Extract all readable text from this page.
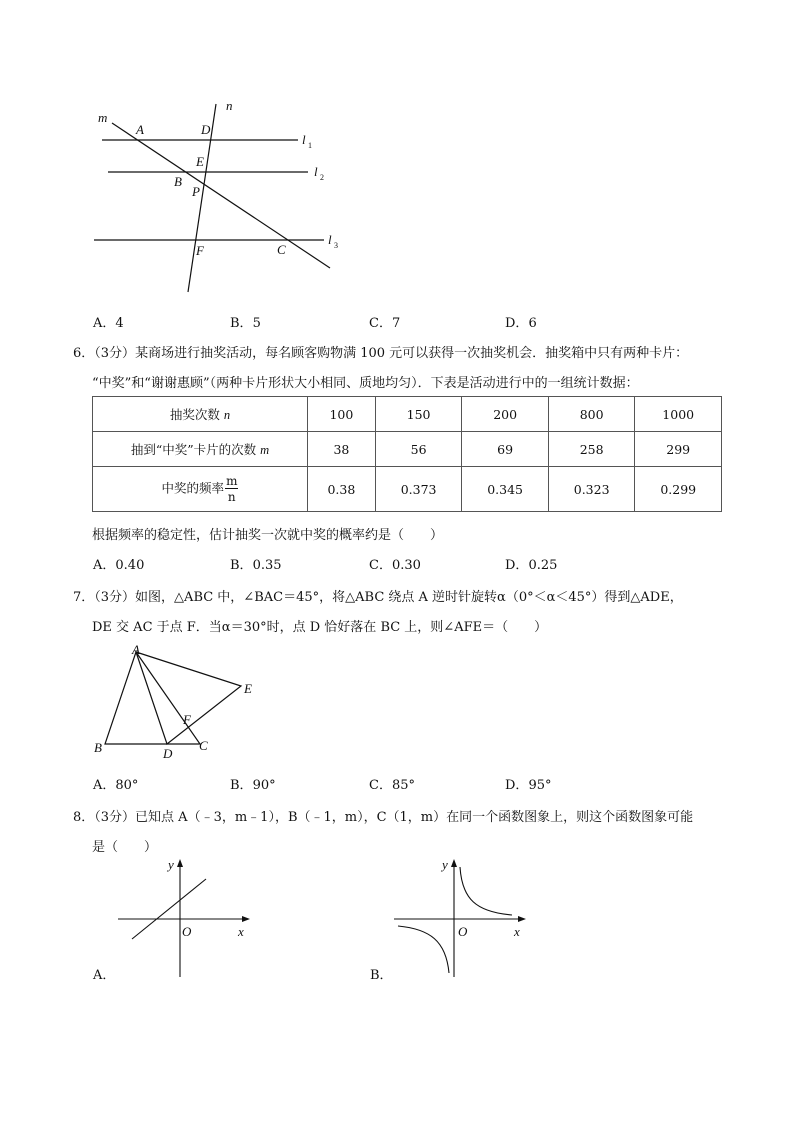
m
n
A	D
l 1
E
l 2
B
P
F	C
l 3
A．4	B．5	C．7	D．6
6．（3分）某商场进行抽奖活动，每名顾客购物满 100 元可以获得一次抽奖机会．抽奖箱中只有两种卡片：
“中奖”和“谢谢惠顾”（两种卡片形状大小相同、质地均匀）．下表是活动进行中的一组统计数据：
抽奖次数 n	100	150	200	800	1000
抽到“中奖”卡片的次数 m	38	56	69	258	299
中奖的频率 $\frac{m}{n}$	0.38	0.373	0.345	0.323	0.299
根据频率的稳定性，估计抽奖一次就中奖的概率约是（　　）
A．0.40	B．0.35	C．0.30	D．0.25
7．（3分）如图，△ABC 中，∠BAC＝45°，将△ABC 绕点 A 逆时针旋转α（0°＜α＜45°）得到△ADE，
DE 交 AC 于点 F．当α＝30°时，点 D 恰好落在 BC 上，则∠AFE＝（　　）
A
E
F
B	D
C
A．80°	B．90°	C．85°	D．95°
8．（3分）已知点 A（﹣3，m﹣1），B（﹣1，m），C（1，m）在同一个函数图象上，则这个函数图象可能
是（　　）
y
x
O
A．
y
x
O
B．
